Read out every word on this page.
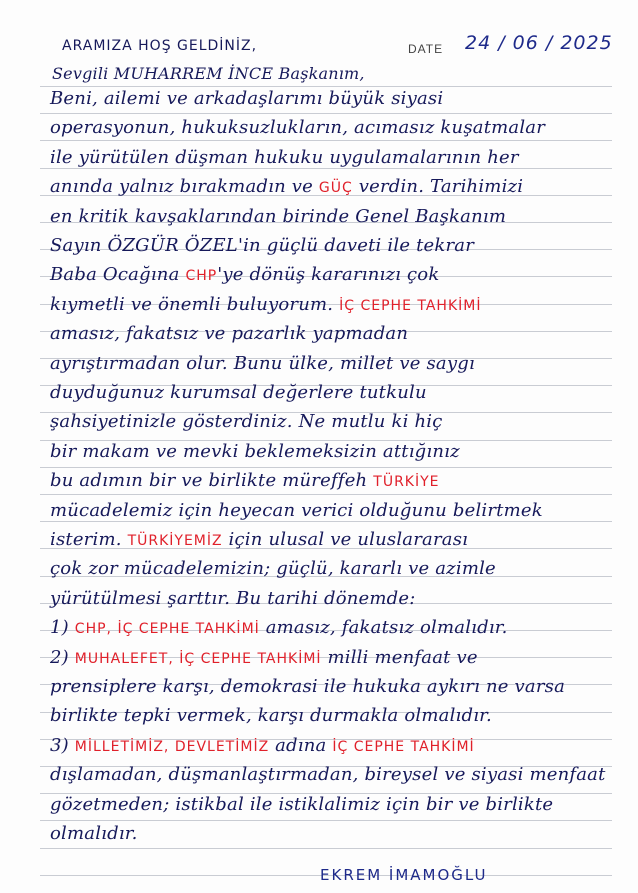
ARAMIZA HOŞ GELDİNİZ,	DATE 24 / 06 / 2025
Sevgili MUHARREM İNCE Başkanım,
Beni, ailemi ve arkadaşlarımı büyük siyasi
operasyonun, hukuksuzlukların, acımasız kuşatmalar
ile yürütülen düşman hukuku uygulamalarının her
anında yalnız bırakmadın ve GÜÇ verdin. Tarihimizi
en kritik kavşaklarından birinde Genel Başkanım
Sayın ÖZGÜR ÖZEL'in güçlü daveti ile tekrar
Baba Ocağına CHP'ye dönüş kararınızı çok
kıymetli ve önemli buluyorum. İÇ CEPHE TAHKİMİ
amasız, fakatsız ve pazarlık yapmadan
ayrıştırmadan olur. Bunu ülke, millet ve saygı
duyduğunuz kurumsal değerlere tutkulu
şahsiyetinizle gösterdiniz. Ne mutlu ki hiç
bir makam ve mevki beklemeksizin attığınız
bu adımın bir ve birlikte müreffeh TÜRKİYE
mücadelemiz için heyecan verici olduğunu belirtmek
isterim. TÜRKİYEMİZ için ulusal ve uluslararası
çok zor mücadelemizin; güçlü, kararlı ve azimle
yürütülmesi şarttır. Bu tarihi dönemde:
1) CHP, İÇ CEPHE TAHKİMİ amasız, fakatsız olmalıdır.
2) MUHALEFET, İÇ CEPHE TAHKİMİ milli menfaat ve
prensiplere karşı, demokrasi ile hukuka aykırı ne varsa
birlikte tepki vermek, karşı durmakla olmalıdır.
3) MİLLETİMİZ, DEVLETİMİZ adına İÇ CEPHE TAHKİMİ
dışlamadan, düşmanlaştırmadan, bireysel ve siyasi menfaat
gözetmeden; istikbal ile istiklalimiz için bir ve birlikte
olmalıdır.
EKREM İMAMOĞLU
